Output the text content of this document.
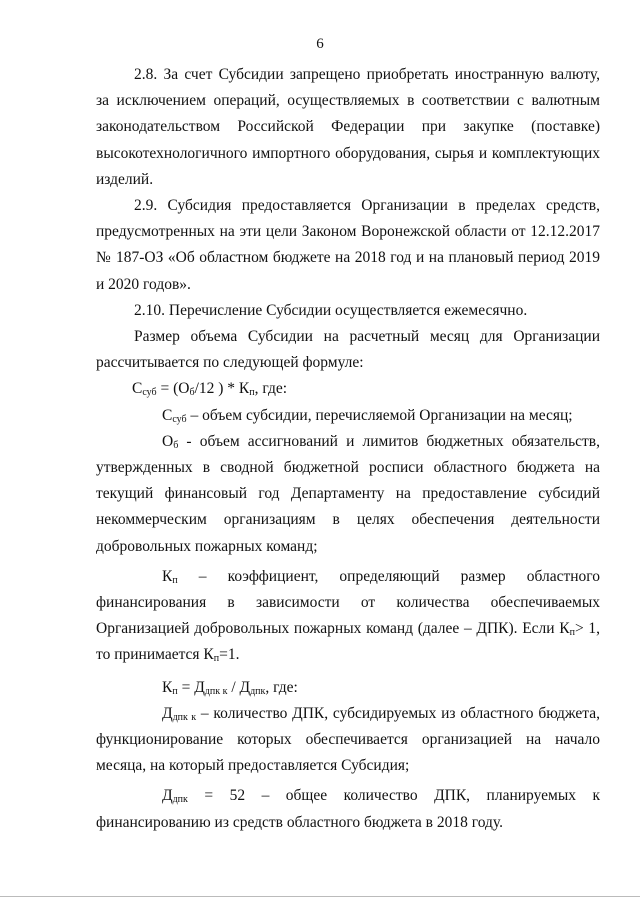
6

2.8. За счет Субсидии запрещено приобретать иностранную валюту, за исключением операций, осуществляемых в соответствии с валютным законодательством Российской Федерации при закупке (поставке) высокотехнологичного импортного оборудования, сырья и комплектующих изделий.

2.9. Субсидия предоставляется Организации в пределах средств, предусмотренных на эти цели Законом Воронежской области от 12.12.2017 № 187-ОЗ «Об областном бюджете на 2018 год и на плановый период 2019 и 2020 годов».

2.10. Перечисление Субсидии осуществляется ежемесячно.

Размер объема Субсидии на расчетный месяц для Организации рассчитывается по следующей формуле:

$С_{суб} = (О_б/12$ ) * $К_п$, где:

$С_{суб}$ – объем субсидии, перечисляемой Организации на месяц;

$О_б$ - объем ассигнований и лимитов бюджетных обязательств, утвержденных в сводной бюджетной росписи областного бюджета на текущий финансовый год Департаменту на предоставление субсидий некоммерческим организациям в целях обеспечения деятельности добровольных пожарных команд;

$К_п$ – коэффициент, определяющий размер областного финансирования в зависимости от количества обеспечиваемых Организацией добровольных пожарных команд (далее – ДПК). Если $К_п> 1$, то принимается $К_п=1$.

$К_п = Д_{дпк к} / Д_{дпк}$, где:

$Д_{дпк к}$ – количество ДПК, субсидируемых из областного бюджета, функционирование которых обеспечивается организацией на начало месяца, на который предоставляется Субсидия;

$Д_{дпк} = 52$ – общее количество ДПК, планируемых к финансированию из средств областного бюджета в 2018 году.
